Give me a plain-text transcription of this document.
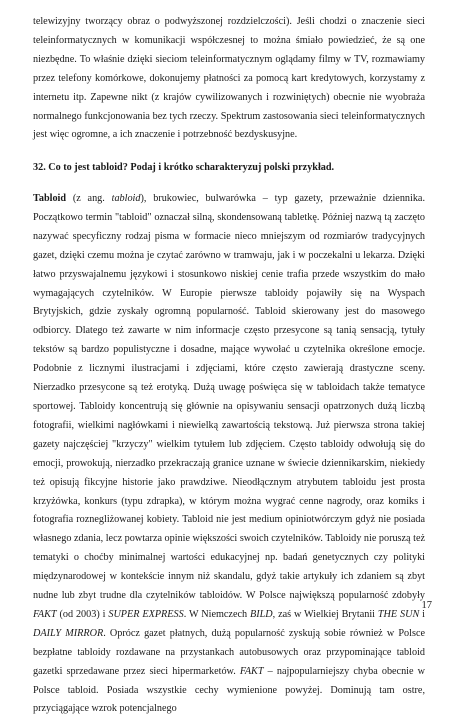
telewizyjny tworzący obraz o podwyższonej rozdzielczości). Jeśli chodzi o znaczenie sieci teleinformatycznych w komunikacji współczesnej to można śmiało powiedzieć, że są one niezbędne. To właśnie dzięki sieciom teleinformatycznym oglądamy filmy w TV, rozmawiamy przez telefony komórkowe, dokonujemy płatności za pomocą kart kredytowych, korzystamy z internetu itp. Zapewne nikt (z krajów cywilizowanych i rozwiniętych) obecnie nie wyobraża normalnego funkcjonowania bez tych rzeczy. Spektrum zastosowania sieci teleinformatycznych jest więc ogromne, a ich znaczenie i potrzebność bezdyskusyjne.
32. Co to jest tabloid? Podaj i krótko scharakteryzuj polski przykład.
Tabloid (z ang. tabloid), brukowiec, bulwarówka – typ gazety, przeważnie dziennika. Początkowo termin "tabloid" oznaczał silną, skondensowaną tabletkę. Później nazwą tą zaczęto nazywać specyficzny rodzaj pisma w formacie nieco mniejszym od rozmiarów tradycyjnych gazet, dzięki czemu można je czytać zarówno w tramwaju, jak i w poczekalni u lekarza. Dzięki łatwo przyswajalnemu językowi i stosunkowo niskiej cenie trafia przede wszystkim do mało wymagających czytelników. W Europie pierwsze tabloidy pojawiły się na Wyspach Brytyjskich, gdzie zyskały ogromną popularność. Tabloid skierowany jest do masowego odbiorcy. Dlatego też zawarte w nim informacje często przesycone są tanią sensacją, tytuły tekstów są bardzo populistyczne i dosadne, mające wywołać u czytelnika określone emocje. Podobnie z licznymi ilustracjami i zdjęciami, które często zawierają drastyczne sceny. Nierzadko przesycone są też erotyką. Dużą uwagę poświęca się w tabloidach także tematyce sportowej. Tabloidy koncentrują się głównie na opisywaniu sensacji opatrzonych dużą liczbą fotografii, wielkimi nagłówkami i niewielką zawartością tekstową. Już pierwsza strona takiej gazety najczęściej "krzyczy" wielkim tytułem lub zdjęciem. Często tabloidy odwołują się do emocji, prowokują, nierzadko przekraczają granice uznane w świecie dziennikarskim, niekiedy też opisują fikcyjne historie jako prawdziwe. Nieodłącznym atrybutem tabloidu jest prosta krzyżówka, konkurs (typu zdrapka), w którym można wygrać cenne nagrody, oraz komiks i fotografia roznegliżowanej kobiety. Tabloid nie jest medium opiniotwórczym gdyż nie posiada własnego zdania, lecz powtarza opinie większości swoich czytelników. Tabloidy nie poruszą też tematyki o choćby minimalnej wartości edukacyjnej np. badań genetycznych czy polityki międzynarodowej w kontekście innym niż skandalu, gdyż takie artykuły ich zdaniem są zbyt nudne lub zbyt trudne dla czytelników tabloidów. W Polsce największą popularność zdobyły FAKT (od 2003) i SUPER EXPRESS. W Niemczech BILD, zaś w Wielkiej Brytanii THE SUN i DAILY MIRROR. Oprócz gazet płatnych, dużą popularność zyskują sobie również w Polsce bezpłatne tabloidy rozdawane na przystankach autobusowych oraz przypominające tabloid gazetki sprzedawane przez sieci hipermarketów. FAKT – najpopularniejszy chyba obecnie w Polsce tabloid. Posiada wszystkie cechy wymienione powyżej. Dominują tam ostre, przyciągające wzrok potencjalnego
17
